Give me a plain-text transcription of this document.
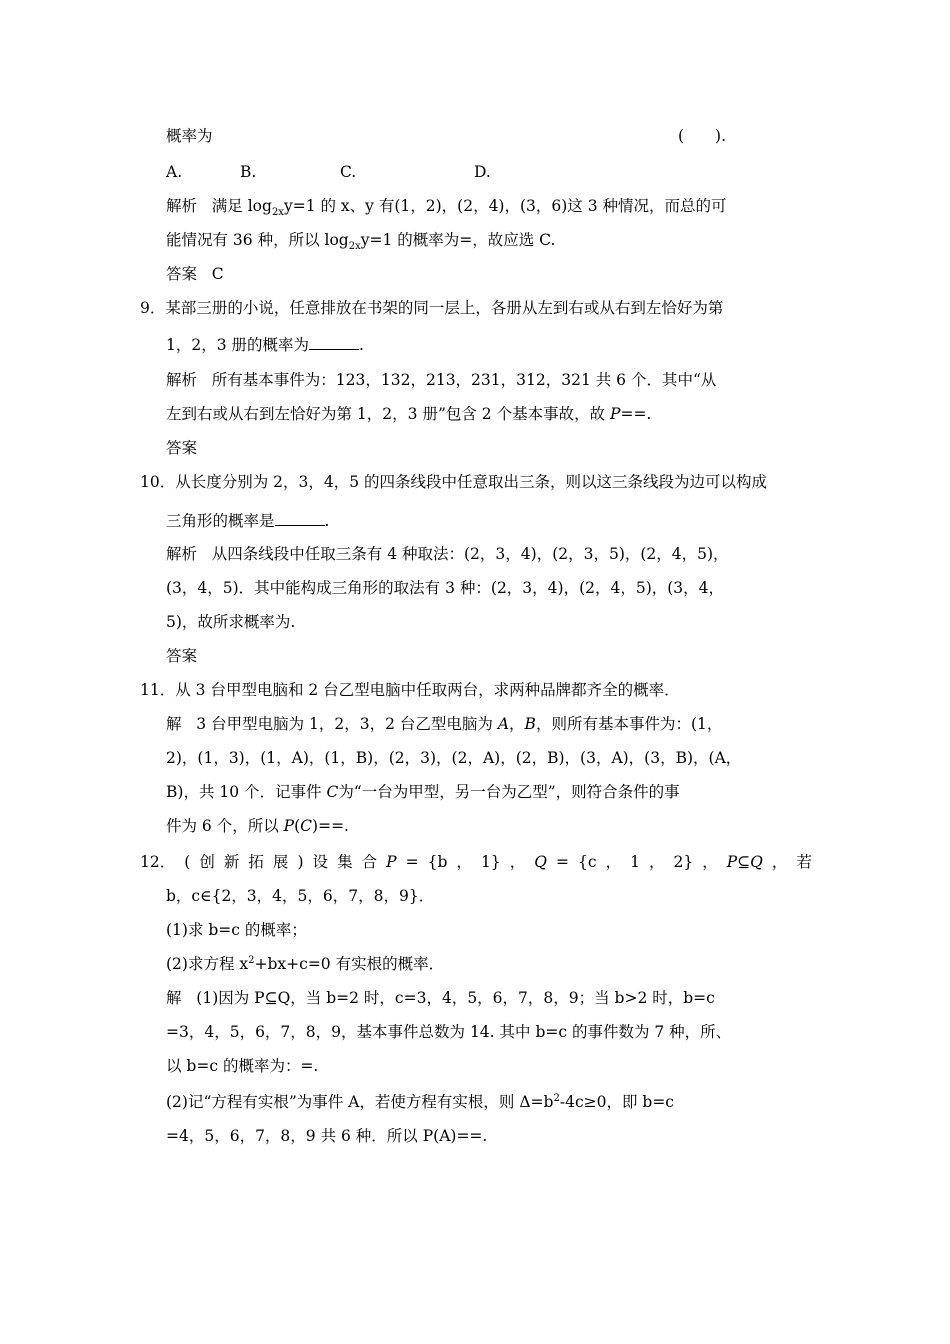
概率为	(　　).
A.	B.	C.	D.
解析 满足 $\log_{2x}y=1$ 的 x、y 有(1，2)，(2，4)，(3，6)这 3 种情况，而总的可
能情况有 36 种，所以 $\log_{2x}y=1$ 的概率为=，故应选 C.
答案 C
9．某部三册的小说，任意排放在书架的同一层上，各册从左到右或从右到左恰好为第
1，2，3 册的概率为	.
解析 所有基本事件为：123，132，213，231，312，321 共 6 个．其中“从
左到右或从右到左恰好为第 1，2，3 册”包含 2 个基本事故，故 P==.
答案
10．从长度分别为 2，3，4，5 的四条线段中任意取出三条，则以这三条线段为边可以构成
三角形的概率是	.
解析 从四条线段中任取三条有 4 种取法：(2，3，4)，(2，3，5)，(2，4，5)，
(3，4，5)．其中能构成三角形的取法有 3 种：(2，3，4)，(2，4，5)，(3，4，
5)，故所求概率为.
答案
11．从 3 台甲型电脑和 2 台乙型电脑中任取两台，求两种品牌都齐全的概率．
解 3 台甲型电脑为 1，2，3，2 台乙型电脑为 A，B，则所有基本事件为：(1，
2)，(1，3)，(1，A)，(1，B)，(2，3)，(2，A)，(2，B)，(3，A)，(3，B)，(A，
B)，共 10 个．记事件 C为“一台为甲型，另一台为乙型”，则符合条件的事
件为 6 个，所以 P(C)==.
12． ( 创 新 拓 展 ) 设 集 合 P = {b ， 1} ， Q = {c ， 1 ， 2} ， P⊆Q ， 若
b，c∈{2，3，4，5，6，7，8，9}．
(1)求 b=c 的概率；
(2)求方程 $x^2+bx+c=0$ 有实根的概率．
解 (1)因为 P⊆Q，当 b=2 时，c=3，4，5，6，7，8，9；当 b>2 时，b=c
=3，4，5，6，7，8，9，基本事件总数为 14. 其中 b=c 的事件数为 7 种，所、
以 b=c 的概率为：=.
(2)记“方程有实根”为事件 A，若使方程有实根，则 $\Delta=b^2-4c\ge 0$，即 b=c
=4，5，6，7，8，9 共 6 种．所以 P(A)==.
